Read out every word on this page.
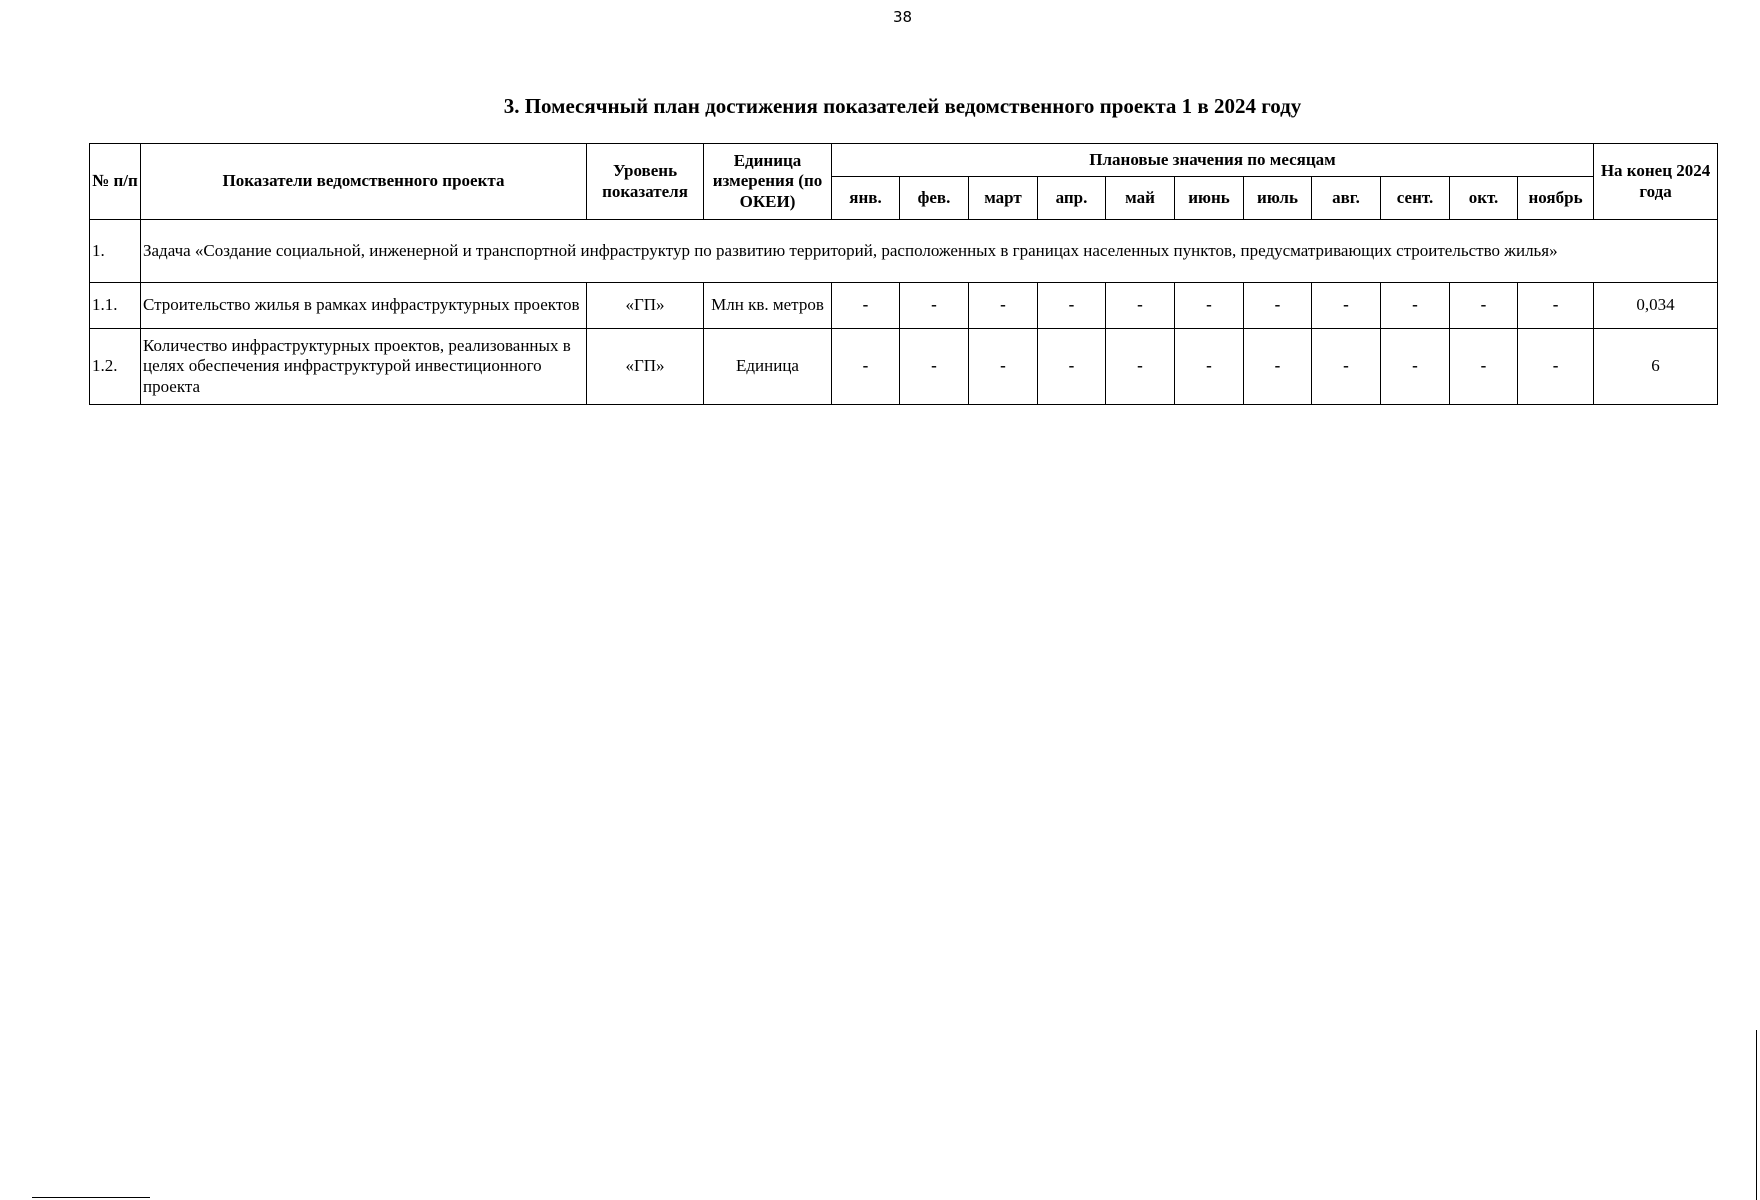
38
3. Помесячный план достижения показателей ведомственного проекта 1 в 2024 году
№ п/п	Показатели ведомственного проекта	Уровень показателя	Единица измерения (по ОКЕИ)	Плановые значения по месяцам											На конец 2024 года
				янв.	фев.	март	апр.	май	июнь	июль	авг.	сент.	окт.	ноябрь	
1.	Задача «Создание социальной, инженерной и транспортной инфраструктур по развитию территорий, расположенных в границах населенных пунктов, предусматривающих строительство жилья»														
1.1.	Строительство жилья в рамках инфраструктурных проектов	«ГП»	Млн кв. метров	-	-	-	-	-	-	-	-	-	-	-	0,034
1.2.	Количество инфраструктурных проектов, реализованных в целях обеспечения инфраструктурой инвестиционного проекта	«ГП»	Единица	-	-	-	-	-	-	-	-	-	-	-	6
